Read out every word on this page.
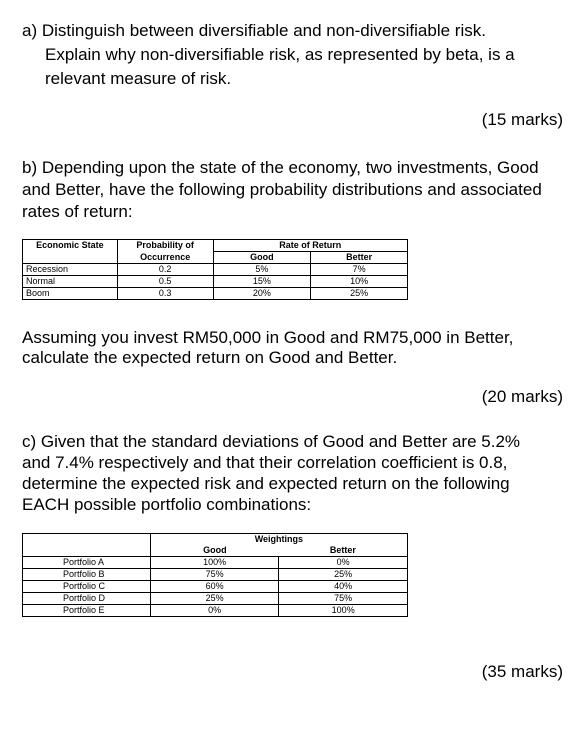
a) Distinguish between diversifiable and non-diversifiable risk.

Explain why non-diversifiable risk, as represented by beta, is a

relevant measure of risk.

(15 marks)

b) Depending upon the state of the economy, two investments, Good

and Better, have the following probability distributions and associated

rates of return:

Economic State	Probability of	Rate of Return	
	Occurrence	Good	Better
Recession	0.2	5%	7%
Normal	0.5	15%	10%
Boom	0.3	20%	25%

Assuming you invest RM50,000 in Good and RM75,000 in Better,

calculate the expected return on Good and Better.

(20 marks)

c) Given that the standard deviations of Good and Better are 5.2%

and 7.4% respectively and that their correlation coefficient is 0.8,

determine the expected risk and expected return on the following

EACH possible portfolio combinations:

	Weightings	
	Good	Better
Portfolio A	100%	0%
Portfolio B	75%	25%
Portfolio C	60%	40%
Portfolio D	25%	75%
Portfolio E	0%	100%

(35 marks)
